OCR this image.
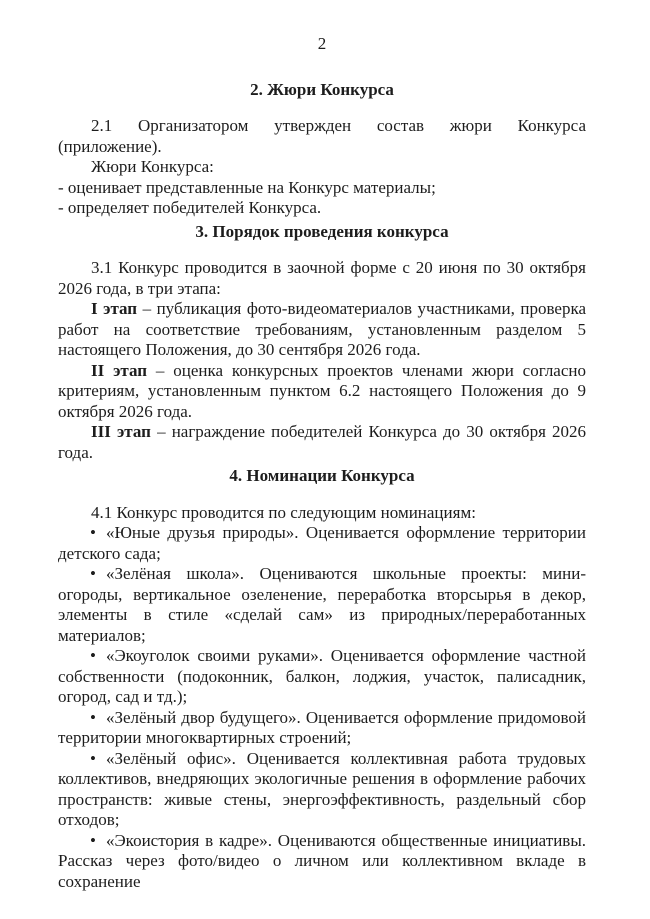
2
2. Жюри Конкурса

2.1 Организатором утвержден состав жюри Конкурса (приложение).

Жюри Конкурса:

- оценивает представленные на Конкурс материалы;

- определяет победителей Конкурса.

3. Порядок проведения конкурса

3.1 Конкурс проводится в заочной форме с 20 июня по 30 октября 2026 года, в три этапа:

I этап – публикация фото-видеоматериалов участниками, проверка работ на соответствие требованиям, установленным разделом 5 настоящего Положения, до 30 сентября 2026 года.

II этап – оценка конкурсных проектов членами жюри согласно критериям, установленным пунктом 6.2 настоящего Положения до 9 октября 2026 года.

III этап – награждение победителей Конкурса до 30 октября 2026 года.

4. Номинации Конкурса

4.1 Конкурс проводится по следующим номинациям:

• «Юные друзья природы». Оценивается оформление территории детского сада;

• «Зелёная школа». Оцениваются школьные проекты: мини-огороды, вертикальное озеленение, переработка вторсырья в декор, элементы в стиле «сделай сам» из природных/переработанных материалов;

• «Экоуголок своими руками». Оценивается оформление частной собственности (подоконник, балкон, лоджия, участок, палисадник, огород, сад и тд.);

• «Зелёный двор будущего». Оценивается оформление придомовой территории многоквартирных строений;

• «Зелёный офис». Оценивается коллективная работа трудовых коллективов, внедряющих экологичные решения в оформление рабочих пространств: живые стены, энергоэффективность, раздельный сбор отходов;

• «Экоистория в кадре». Оцениваются общественные инициативы. Рассказ через фото/видео о личном или коллективном вкладе в сохранение
